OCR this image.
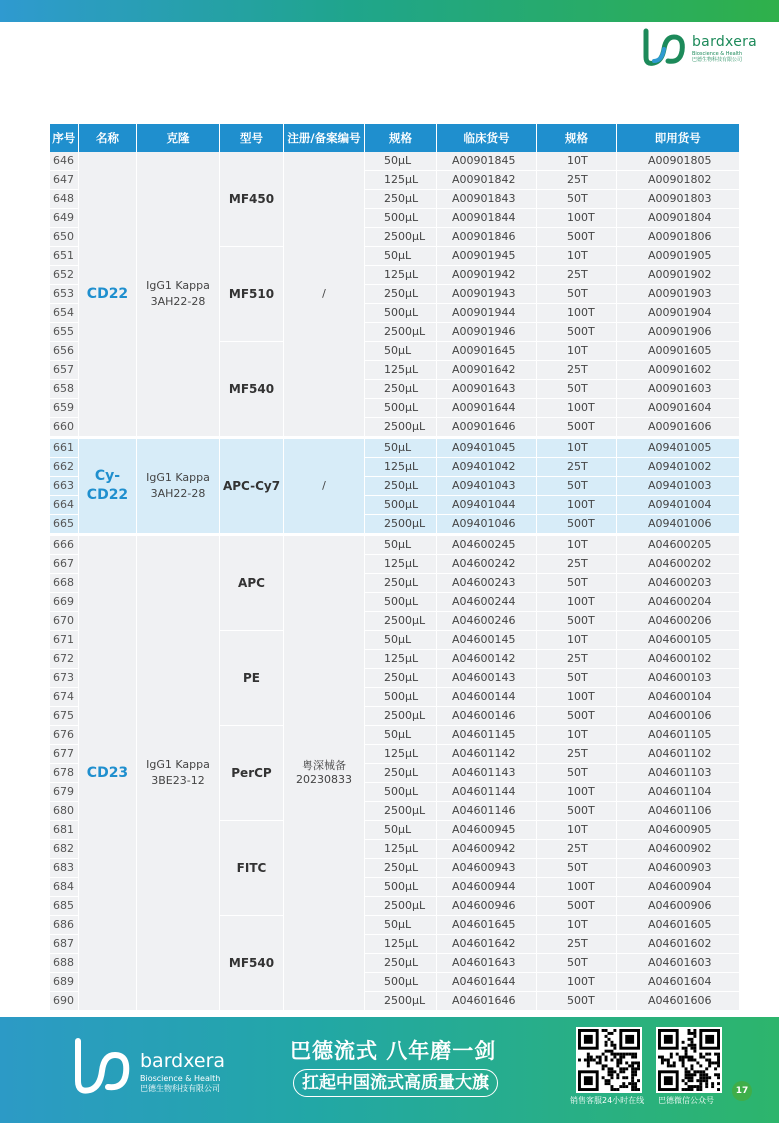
bardxera
Bioscience & Health
巴德生物科技有限公司
序号	名称	克隆	型号	注册/备案编号	规格	临床货号	规格	即用货号
646	CD22	IgG1 Kappa 3AH22-28	MF450	/	50μL	A00901845	10T	A00901805
647					125μL	A00901842	25T	A00901802
648					250μL	A00901843	50T	A00901803
649					500μL	A00901844	100T	A00901804
650					2500μL	A00901846	500T	A00901806
651			MF510		50μL	A00901945	10T	A00901905
652					125μL	A00901942	25T	A00901902
653					250μL	A00901943	50T	A00901903
654					500μL	A00901944	100T	A00901904
655					2500μL	A00901946	500T	A00901906
656			MF540		50μL	A00901645	10T	A00901605
657					125μL	A00901642	25T	A00901602
658					250μL	A00901643	50T	A00901603
659					500μL	A00901644	100T	A00901604
660					2500μL	A00901646	500T	A00901606
661	Cy-CD22	IgG1 Kappa 3AH22-28	APC-Cy7	/	50μL	A09401045	10T	A09401005
662					125μL	A09401042	25T	A09401002
663					250μL	A09401043	50T	A09401003
664					500μL	A09401044	100T	A09401004
665					2500μL	A09401046	500T	A09401006
666	CD23	IgG1 Kappa 3BE23-12	APC	粤深械备 20230833	50μL	A04600245	10T	A04600205
667					125μL	A04600242	25T	A04600202
668					250μL	A04600243	50T	A04600203
669					500μL	A04600244	100T	A04600204
670					2500μL	A04600246	500T	A04600206
671			PE		50μL	A04600145	10T	A04600105
672					125μL	A04600142	25T	A04600102
673					250μL	A04600143	50T	A04600103
674					500μL	A04600144	100T	A04600104
675					2500μL	A04600146	500T	A04600106
676			PerCP		50μL	A04601145	10T	A04601105
677					125μL	A04601142	25T	A04601102
678					250μL	A04601143	50T	A04601103
679					500μL	A04601144	100T	A04601104
680					2500μL	A04601146	500T	A04601106
681			FITC		50μL	A04600945	10T	A04600905
682					125μL	A04600942	25T	A04600902
683					250μL	A04600943	50T	A04600903
684					500μL	A04600944	100T	A04600904
685					2500μL	A04600946	500T	A04600906
686			MF540		50μL	A04601645	10T	A04601605
687					125μL	A04601642	25T	A04601602
688					250μL	A04601643	50T	A04601603
689					500μL	A04601644	100T	A04601604
690					2500μL	A04601646	500T	A04601606
bardxera
Bioscience & Health
巴德生物科技有限公司
巴德流式 八年磨一剑
扛起中国流式高质量大旗
销售客服24小时在线 巴德微信公众号
17
